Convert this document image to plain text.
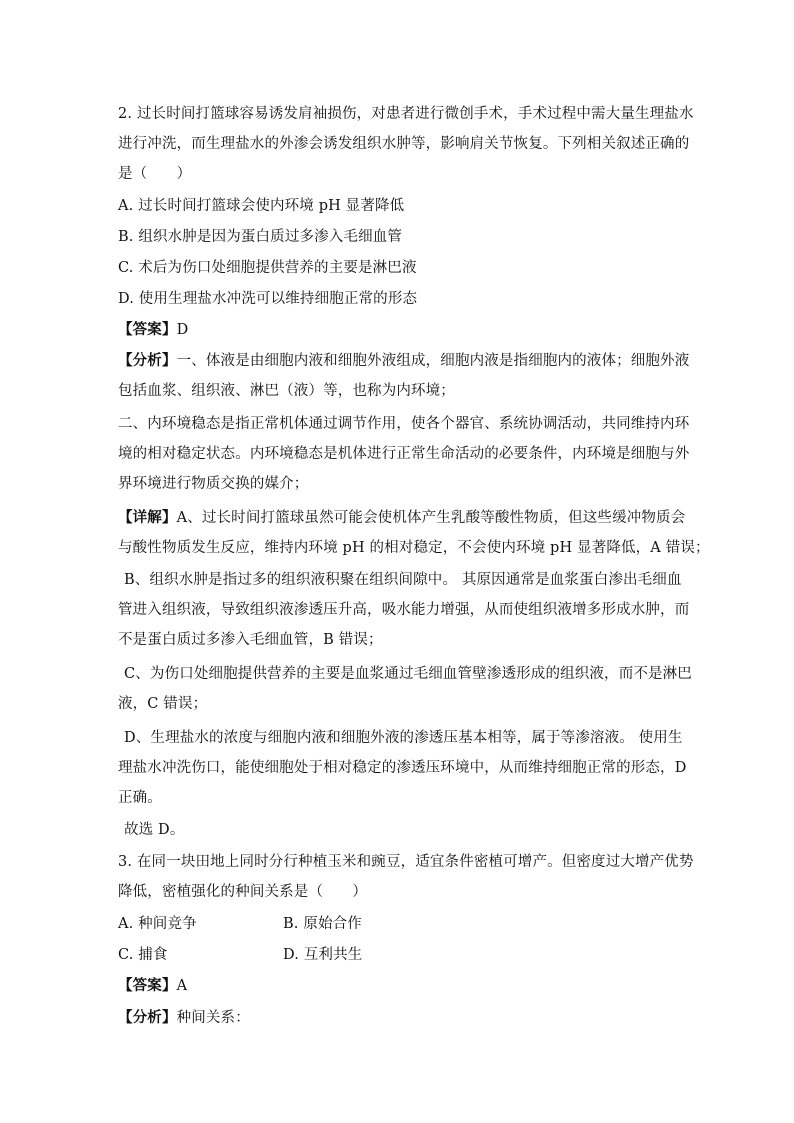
2. 过长时间打篮球容易诱发肩袖损伤，对患者进行微创手术，手术过程中需大量生理盐水
进行冲洗，而生理盐水的外渗会诱发组织水肿等，影响肩关节恢复。下列相关叙述正确的
是（　　）
A. 过长时间打篮球会使内环境 pH 显著降低
B. 组织水肿是因为蛋白质过多渗入毛细血管
C. 术后为伤口处细胞提供营养的主要是淋巴液
D. 使用生理盐水冲洗可以维持细胞正常的形态
【答案】D
【分析】一、体液是由细胞内液和细胞外液组成，细胞内液是指细胞内的液体；细胞外液
包括血浆、组织液、淋巴（液）等，也称为内环境；
二、内环境稳态是指正常机体通过调节作用，使各个器官、系统协调活动，共同维持内环
境的相对稳定状态。内环境稳态是机体进行正常生命活动的必要条件，内环境是细胞与外
界环境进行物质交换的媒介；
【详解】A、过长时间打篮球虽然可能会使机体产生乳酸等酸性物质，但这些缓冲物质会
与酸性物质发生反应，维持内环境 pH 的相对稳定，不会使内环境 pH 显著降低，A 错误；
B、组织水肿是指过多的组织液积聚在组织间隙中。 其原因通常是血浆蛋白渗出毛细血
管进入组织液，导致组织液渗透压升高，吸水能力增强，从而使组织液增多形成水肿，而
不是蛋白质过多渗入毛细血管，B 错误；
C、为伤口处细胞提供营养的主要是血浆通过毛细血管壁渗透形成的组织液，而不是淋巴
液，C 错误；
D、生理盐水的浓度与细胞内液和细胞外液的渗透压基本相等，属于等渗溶液。 使用生
理盐水冲洗伤口，能使细胞处于相对稳定的渗透压环境中，从而维持细胞正常的形态，D
正确。
故选 D。
3. 在同一块田地上同时分行种植玉米和豌豆，适宜条件密植可增产。但密度过大增产优势
降低，密植强化的种间关系是（　　）
A. 种间竞争	B. 原始合作
C. 捕食	D. 互利共生
【答案】A
【分析】种间关系：
